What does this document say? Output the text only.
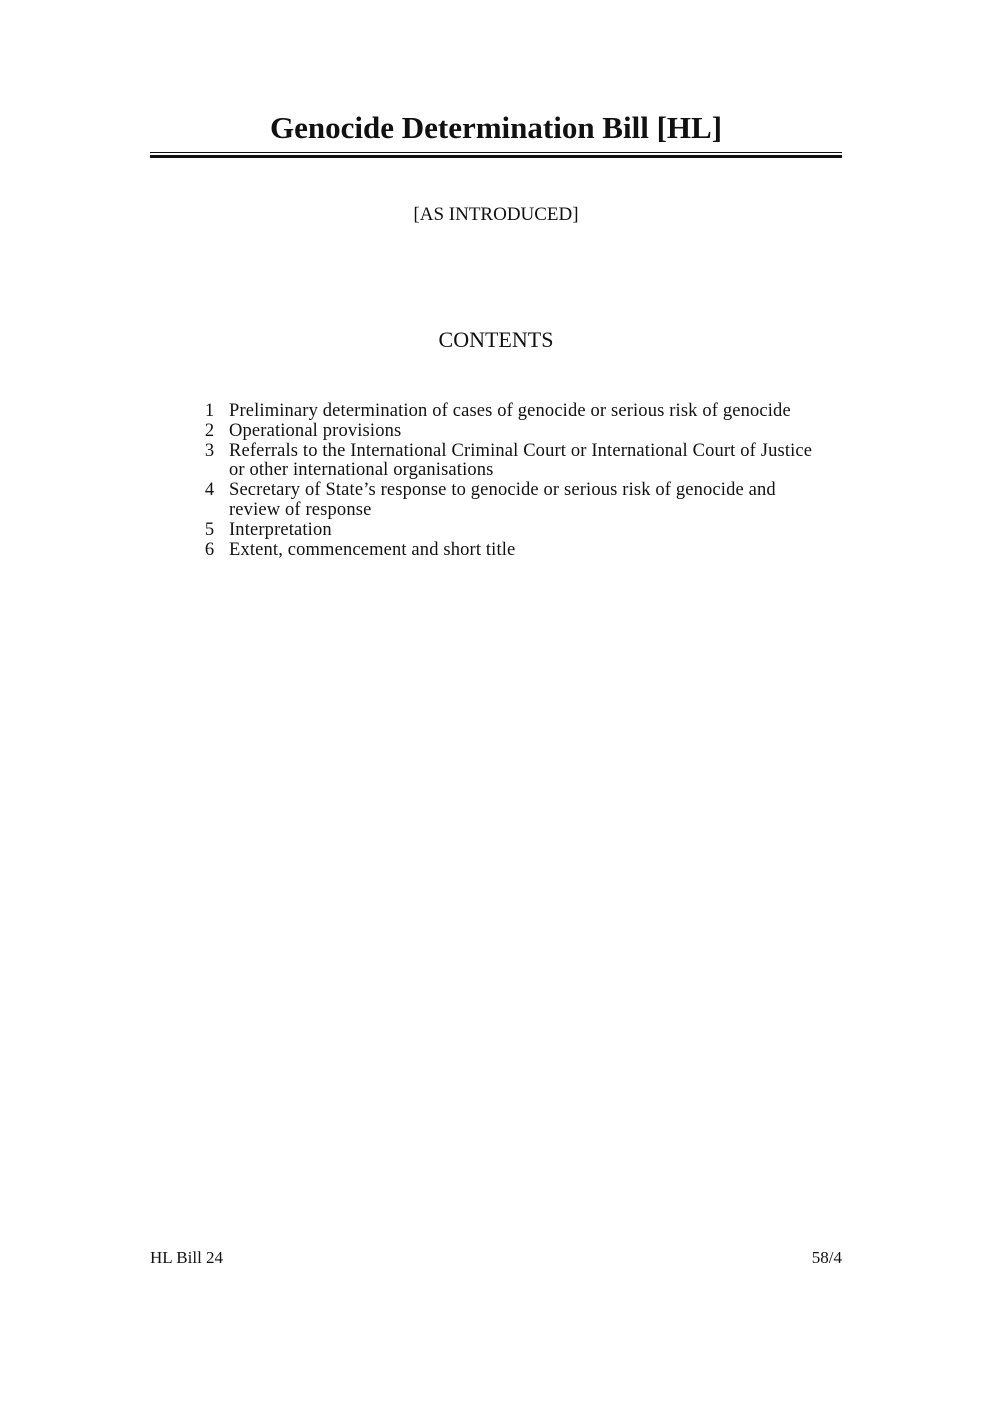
Genocide Determination Bill [HL]
[AS INTRODUCED]
CONTENTS
1 Preliminary determination of cases of genocide or serious risk of genocide
2 Operational provisions
3 Referrals to the International Criminal Court or International Court of Justice
or other international organisations
4 Secretary of State’s response to genocide or serious risk of genocide and
review of response
5 Interpretation
6 Extent, commencement and short title
HL Bill 24	58/4
